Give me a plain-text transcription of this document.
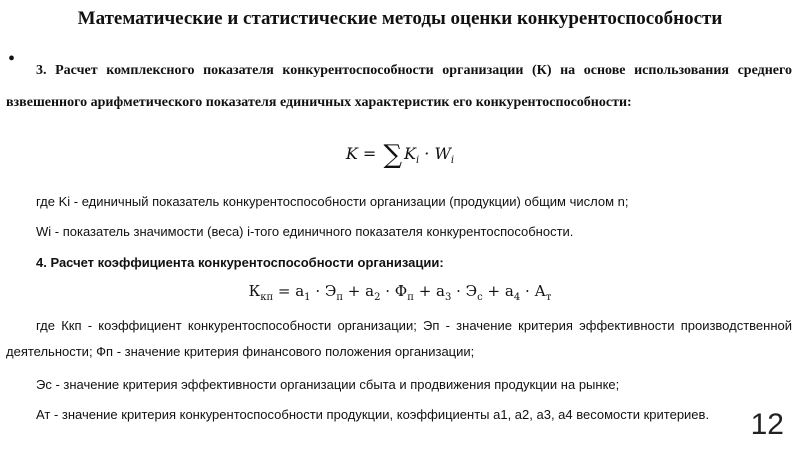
Математические и статистические методы оценки конкурентоспособности
•
3. Расчет комплексного показателя конкурентоспособности организации (К) на основе использования среднего взвешенного арифметического показателя единичных характеристик его конкурентоспособности:
K = ∑ $K_i \cdot W_i$
где Ki - единичный показатель конкурентоспособности организации (продукции) общим числом n;
Wi - показатель значимости (веса) i-того единичного показателя конкурентоспособности.
4. Расчет коэффициента конкурентоспособности организации:
$К_{кп} = а_1 \cdot Э_п + а_2 \cdot Ф_п + а_3 \cdot Э_с + а_4 \cdot А_т$
где Ккп - коэффициент конкурентоспособности организации; Эп - значение критерия эффективности производственной деятельности; Фп - значение критерия финансового положения организации;
Эс - значение критерия эффективности организации сбыта и продвижения продукции на рынке;
Ат - значение критерия конкурентоспособности продукции, коэффициенты а1, а2, а3, а4 весомости критериев.	12
